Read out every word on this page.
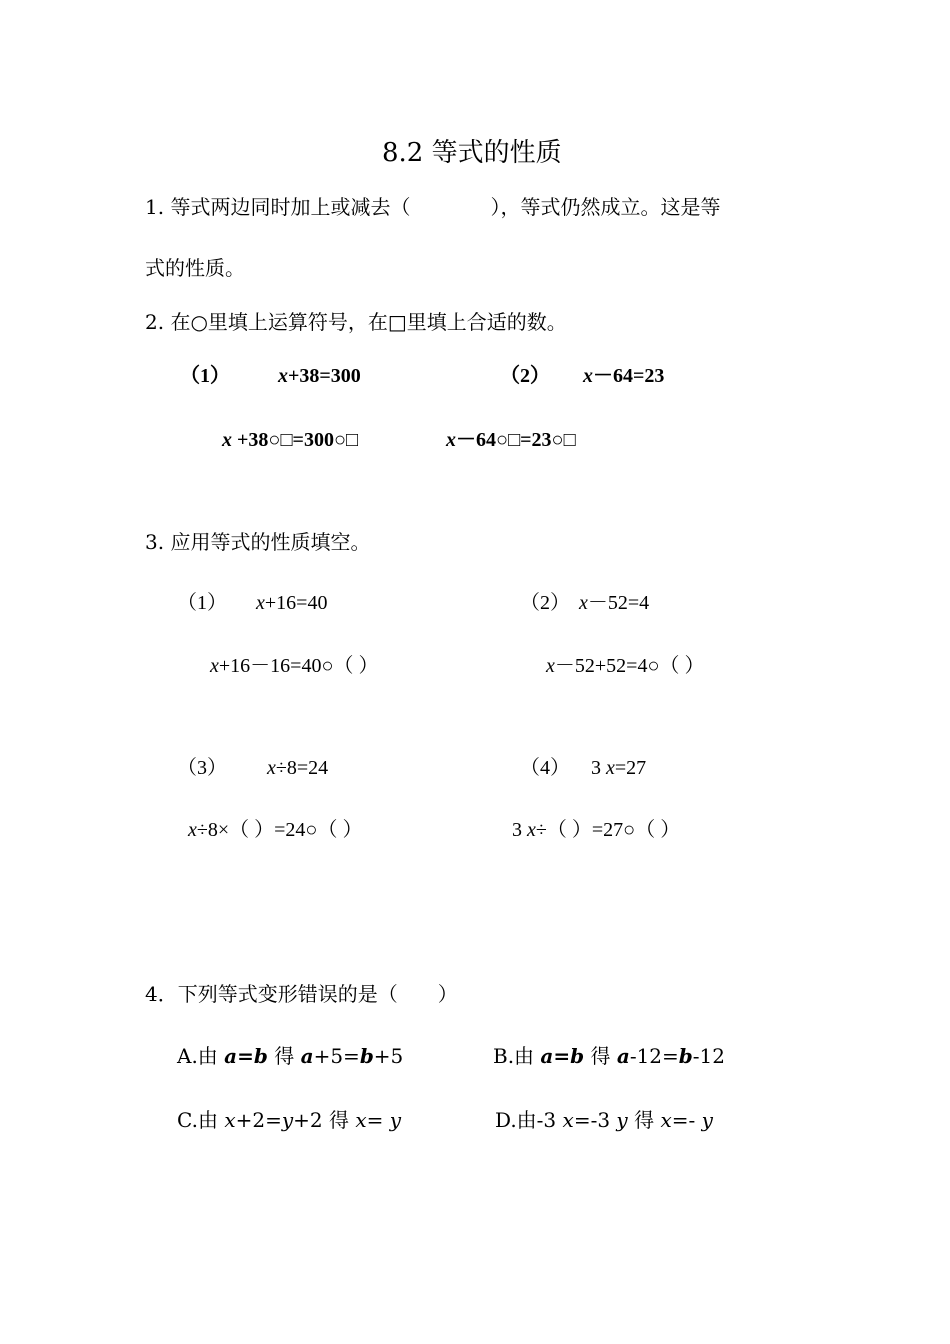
8.2 等式的性质
1. 等式两边同时加上或减去（　　　　），等式仍然成立。这是等
式的性质。
2. 在○里填上运算符号，在□里填上合适的数。
（1） x+38=300	（2） x－64=23
x +38○□=300○□	x－64○□=23○□
3. 应用等式的性质填空。
（1） x+16=40	（2） x－52=4
x+16－16=40○（ ）	x－52+52=4○（ ）
（3） x÷8=24	（4） 3 x=27
x÷8×（ ）=24○（ ）	3 x÷（ ）=27○（ ）
4．下列等式变形错误的是（　　）
A.由 a=b 得 a+5=b+5	B.由 a=b 得 a-12=b-12
C.由 x+2=y+2 得 x= y	D.由-3 x=-3 y 得 x=- y
